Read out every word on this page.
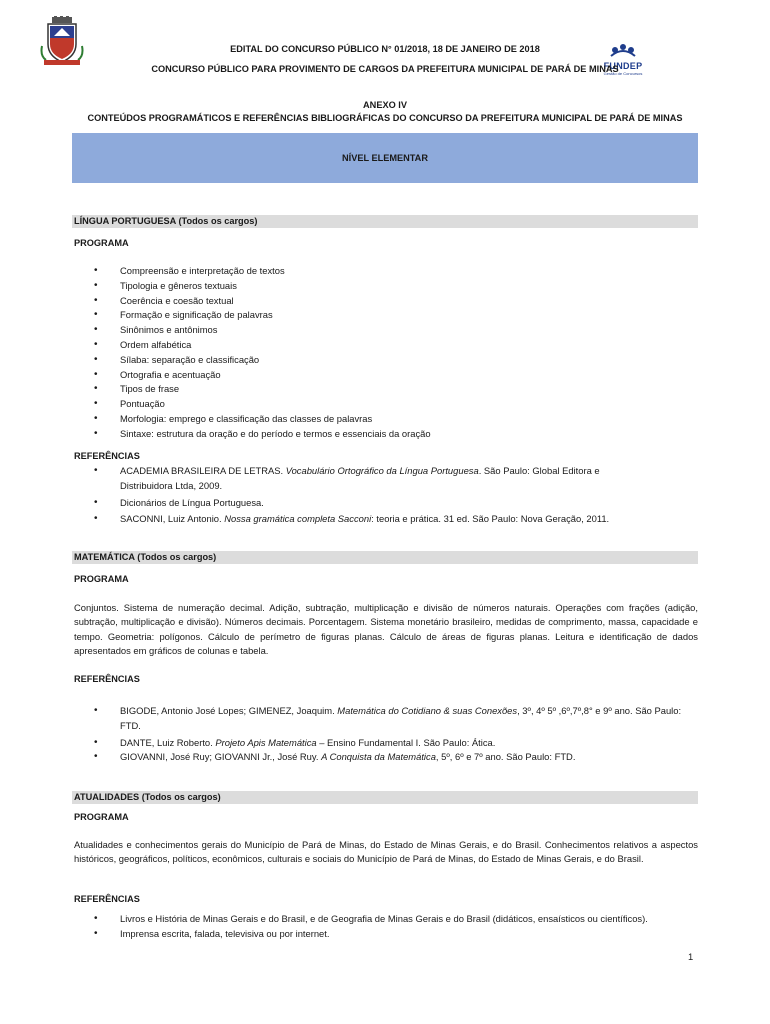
FUNDEP
Gestão de Concursos
EDITAL DO CONCURSO PÚBLICO N° 01/2018, 18 DE JANEIRO DE 2018
CONCURSO PÚBLICO PARA PROVIMENTO DE CARGOS DA PREFEITURA MUNICIPAL DE PARÁ DE MINAS
ANEXO IV
CONTEÚDOS PROGRAMÁTICOS E REFERÊNCIAS BIBLIOGRÁFICAS DO CONCURSO DA PREFEITURA MUNICIPAL DE PARÁ DE MINAS
NÍVEL ELEMENTAR
LÍNGUA PORTUGUESA (Todos os cargos)
PROGRAMA
• Compreensão e interpretação de textos
• Tipologia e gêneros textuais
• Coerência e coesão textual
• Formação e significação de palavras
• Sinônimos e antônimos
• Ordem alfabética
• Sílaba: separação e classificação
• Ortografia e acentuação
• Tipos de frase
• Pontuação
• Morfologia: emprego e classificação das classes de palavras
• Sintaxe: estrutura da oração e do período e termos e essenciais da oração
REFERÊNCIAS
• ACADEMIA BRASILEIRA DE LETRAS. Vocabulário Ortográfico da Língua Portuguesa. São Paulo: Global Editora e Distribuidora Ltda, 2009.
• Dicionários de Língua Portuguesa.
• SACONNI, Luiz Antonio. Nossa gramática completa Sacconi: teoria e prática. 31 ed. São Paulo: Nova Geração, 2011.
MATEMÁTICA (Todos os cargos)
PROGRAMA
Conjuntos. Sistema de numeração decimal. Adição, subtração, multiplicação e divisão de números naturais. Operações com frações (adição, subtração, multiplicação e divisão). Números decimais. Porcentagem. Sistema monetário brasileiro, medidas de comprimento, massa, capacidade e tempo. Geometria: polígonos. Cálculo de perímetro de figuras planas. Cálculo de áreas de figuras planas. Leitura e identificação de dados apresentados em gráficos de colunas e tabela.
REFERÊNCIAS
• BIGODE, Antonio José Lopes; GIMENEZ, Joaquim. Matemática do Cotidiano & suas Conexões, 3º, 4º 5º ,6º,7º,8° e 9º ano. São Paulo: FTD.
• DANTE, Luiz Roberto. Projeto Apis Matemática – Ensino Fundamental I. São Paulo: Ática.
• GIOVANNI, José Ruy; GIOVANNI Jr., José Ruy. A Conquista da Matemática, 5º, 6º e 7º ano. São Paulo: FTD.
ATUALIDADES (Todos os cargos)
PROGRAMA
Atualidades e conhecimentos gerais do Município de Pará de Minas, do Estado de Minas Gerais, e do Brasil. Conhecimentos relativos a aspectos históricos, geográficos, políticos, econômicos, culturais e sociais do Município de Pará de Minas, do Estado de Minas Gerais, e do Brasil.
REFERÊNCIAS
• Livros e História de Minas Gerais e do Brasil, e de Geografia de Minas Gerais e do Brasil (didáticos, ensaísticos ou científicos).
• Imprensa escrita, falada, televisiva ou por internet.
1
